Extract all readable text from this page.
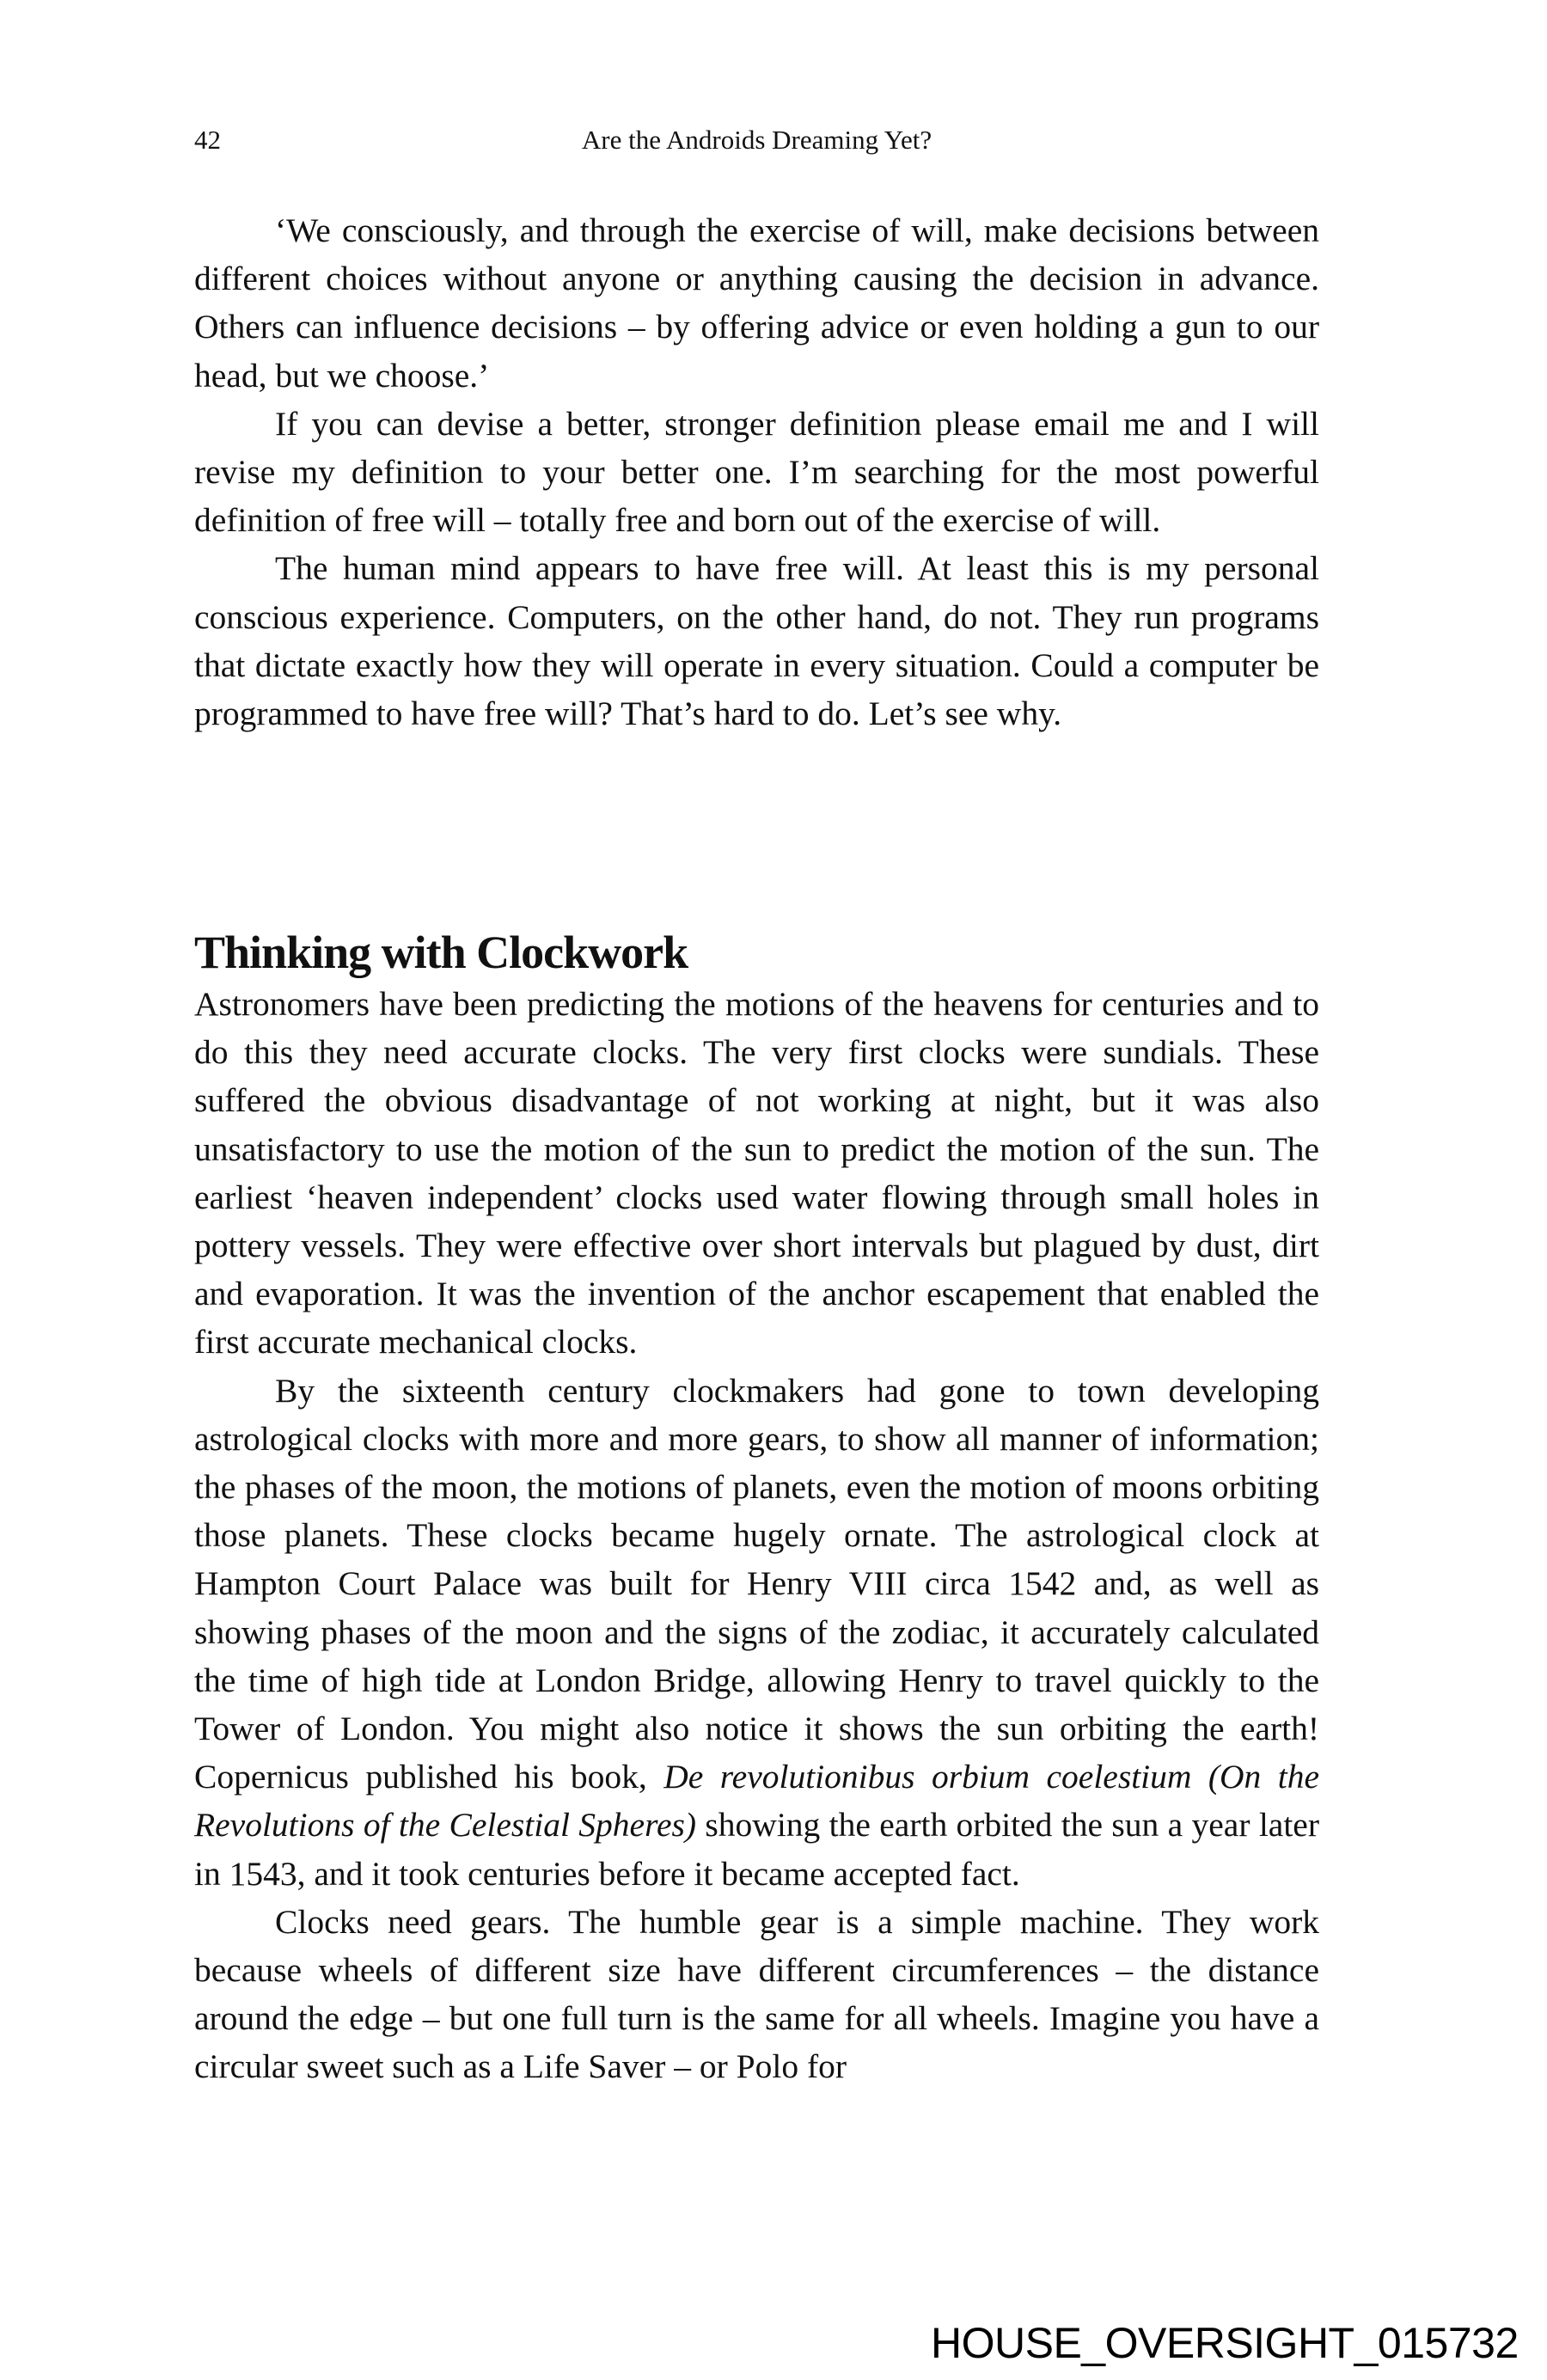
42	Are the Androids Dreaming Yet?

‘We consciously, and through the exercise of will, make decisions between different choices without anyone or anything causing the decision in advance. Others can influence decisions – by offering advice or even holding a gun to our head, but we choose.’

If you can devise a better, stronger definition please email me and I will revise my definition to your better one. I’m searching for the most powerful definition of free will – totally free and born out of the exercise of will.

The human mind appears to have free will. At least this is my personal conscious experience. Computers, on the other hand, do not. They run programs that dictate exactly how they will operate in every situation. Could a computer be programmed to have free will? That’s hard to do. Let’s see why.

Thinking with Clockwork

Astronomers have been predicting the motions of the heavens for centuries and to do this they need accurate clocks. The very first clocks were sundials. These suffered the obvious disadvantage of not working at night, but it was also unsatisfactory to use the motion of the sun to predict the motion of the sun. The earliest ‘heaven independent’ clocks used water flowing through small holes in pottery vessels. They were effective over short intervals but plagued by dust, dirt and evaporation. It was the invention of the anchor escapement that enabled the first accurate mechanical clocks.

By the sixteenth century clockmakers had gone to town developing astrological clocks with more and more gears, to show all manner of information; the phases of the moon, the motions of planets, even the motion of moons orbiting those planets. These clocks became hugely ornate. The astrological clock at Hampton Court Palace was built for Henry VIII circa 1542 and, as well as showing phases of the moon and the signs of the zodiac, it accurately calculated the time of high tide at London Bridge, allowing Henry to travel quickly to the Tower of London. You might also notice it shows the sun orbiting the earth! Copernicus published his book, De revolutionibus orbium coelestium (On the Revolutions of the Celestial Spheres) showing the earth orbited the sun a year later in 1543, and it took centuries before it became accepted fact.

Clocks need gears. The humble gear is a simple machine. They work because wheels of different size have different circumferences – the distance around the edge – but one full turn is the same for all wheels. Imagine you have a circular sweet such as a Life Saver – or Polo for

HOUSE_OVERSIGHT_015732
